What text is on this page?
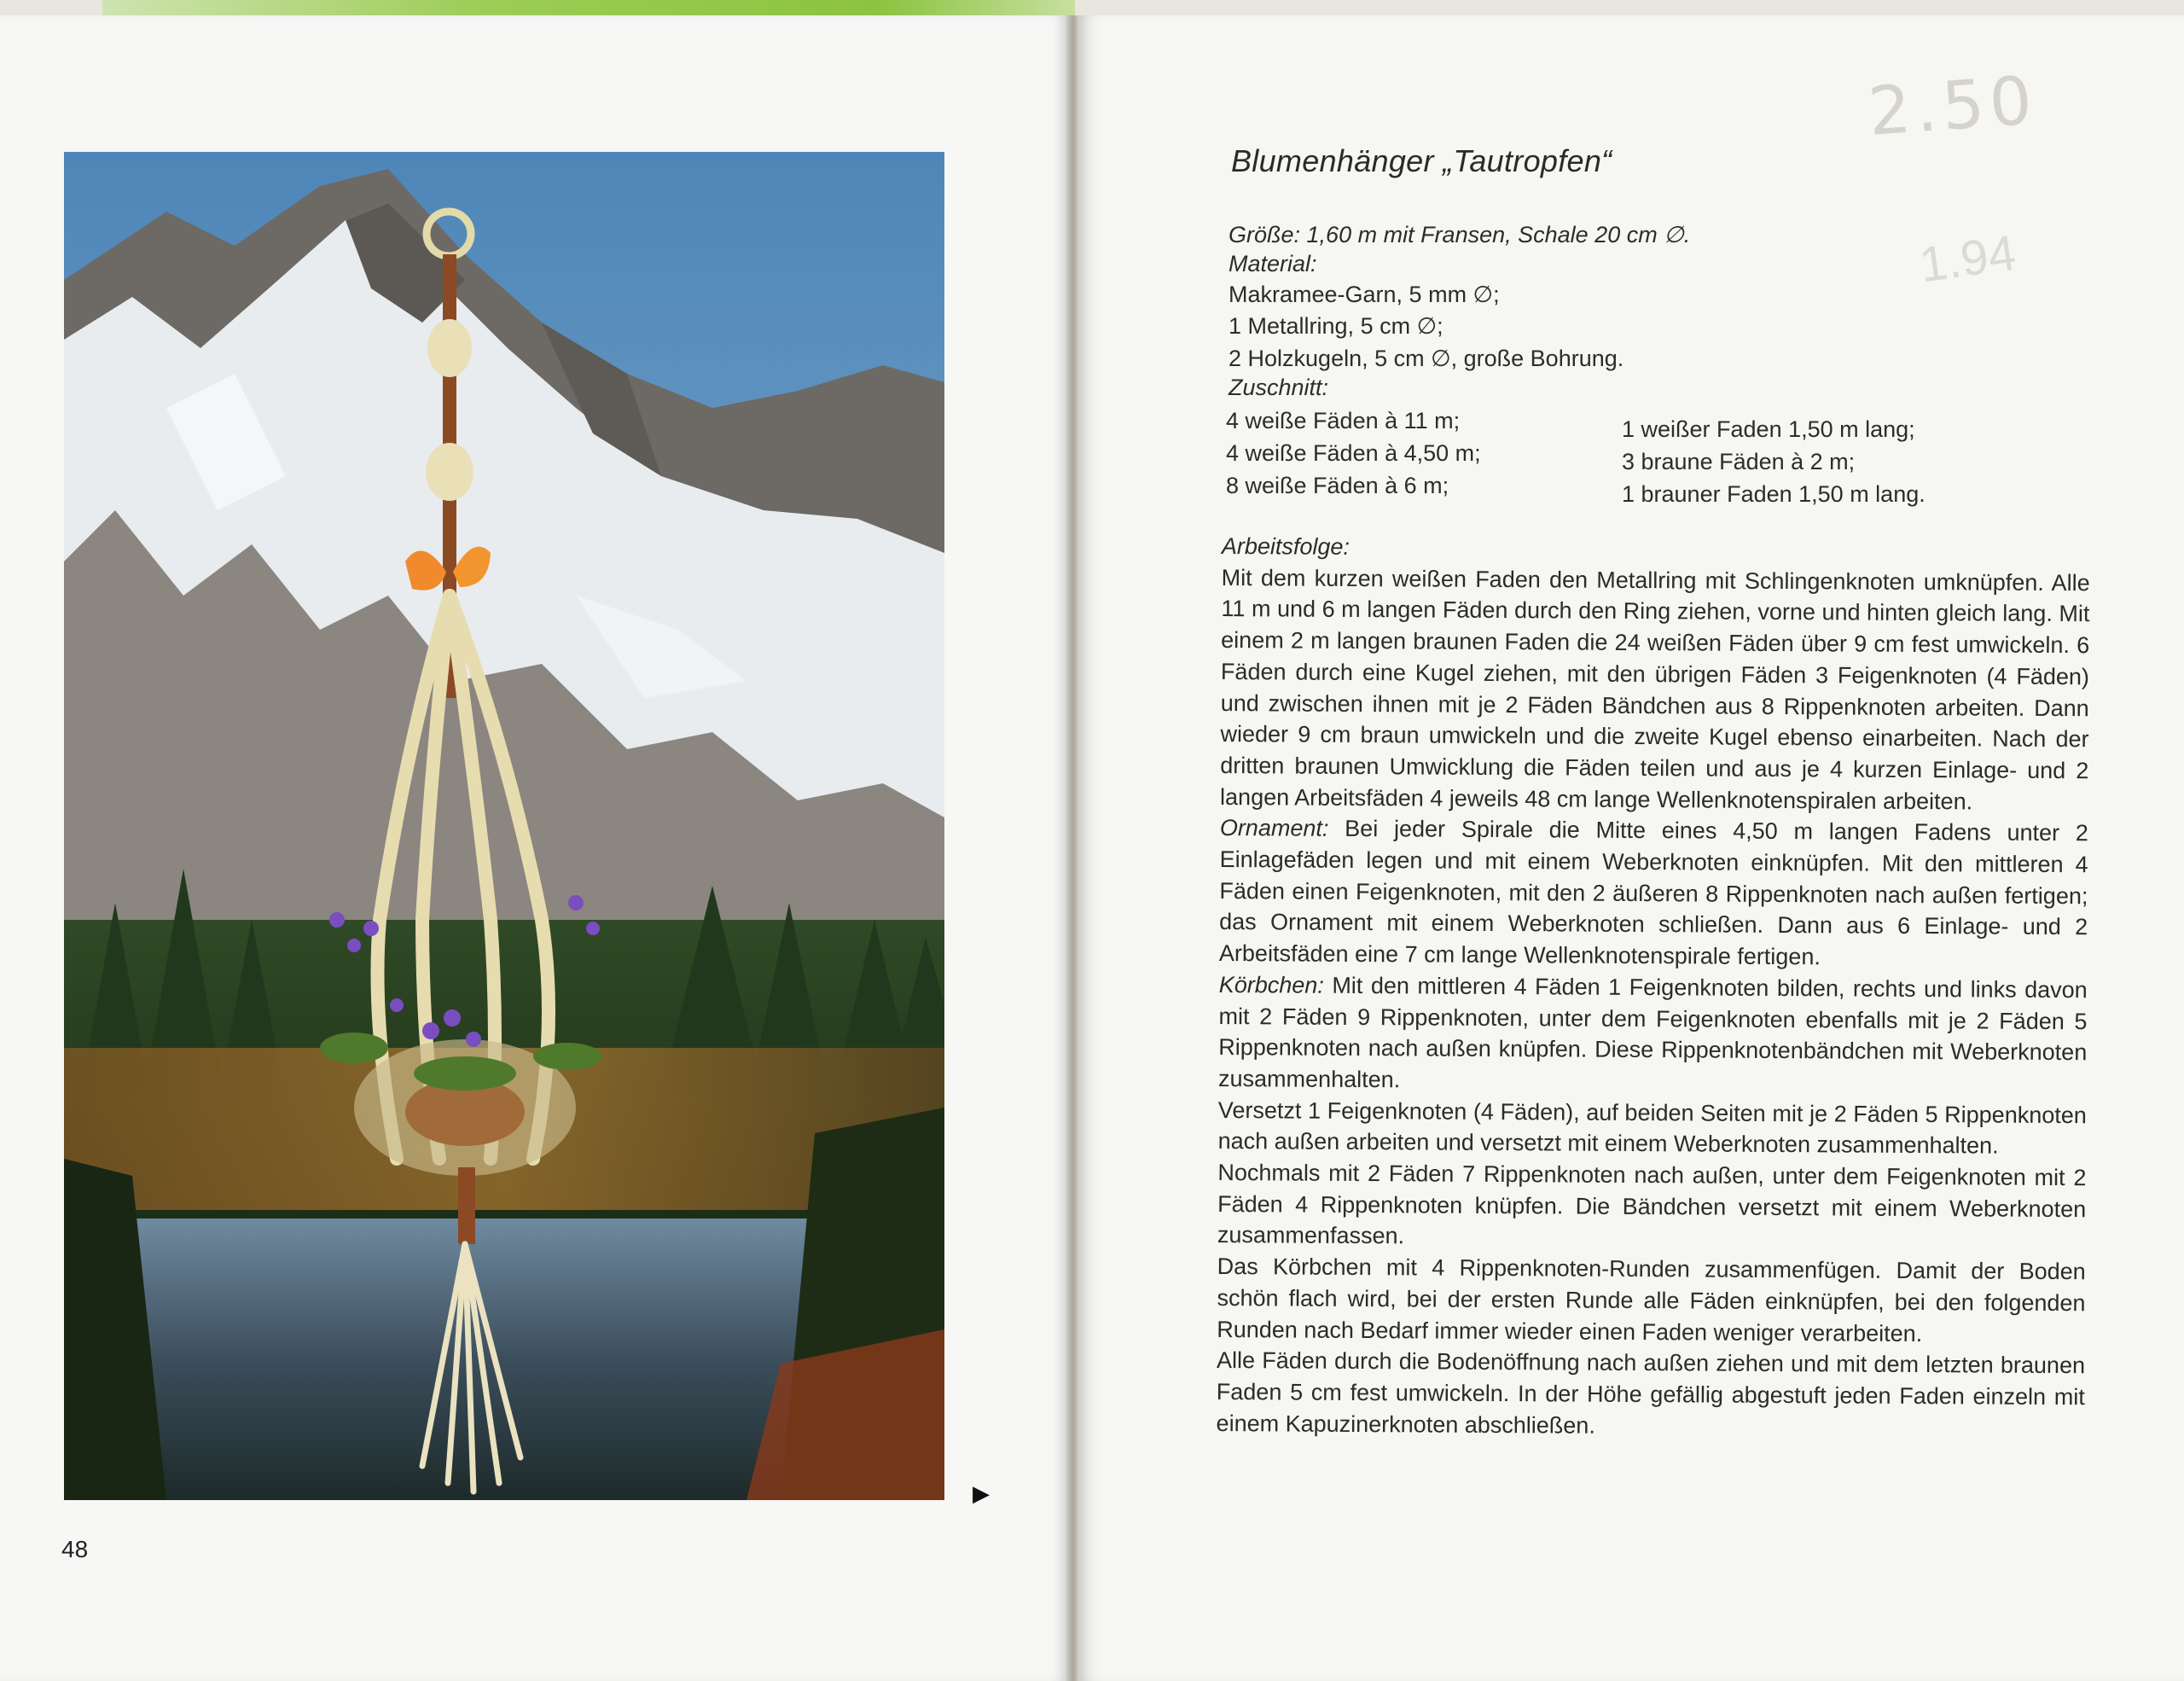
48
▶
2.50
1.94
Blumenhänger „Tautropfen“
Größe: 1,60 m mit Fransen, Schale 20 cm ∅.
Material:
Makramee-Garn, 5 mm ∅;
1 Metallring, 5 cm ∅;
2 Holzkugeln, 5 cm ∅, große Bohrung.
Zuschnitt:
4 weiße Fäden à 11 m;
4 weiße Fäden à 4,50 m;
8 weiße Fäden à 6 m;
1 weißer Faden 1,50 m lang;
3 braune Fäden à 2 m;
1 brauner Faden 1,50 m lang.

Arbeitsfolge:

Mit dem kurzen weißen Faden den Metallring mit Schlingenknoten umknüpfen. Alle 11 m und 6 m langen Fäden durch den Ring ziehen, vorne und hinten gleich lang. Mit einem 2 m langen braunen Faden die 24 weißen Fäden über 9 cm fest umwickeln. 6 Fäden durch eine Kugel ziehen, mit den übrigen Fäden 3 Feigenknoten (4 Fäden) und zwischen ihnen mit je 2 Fäden Bändchen aus 8 Rippenknoten arbeiten. Dann wieder 9 cm braun umwickeln und die zweite Kugel ebenso einarbeiten. Nach der dritten braunen Umwicklung die Fäden teilen und aus je 4 kurzen Einlage- und 2 langen Arbeitsfäden 4 jeweils 48 cm lange Wellenknotenspiralen arbeiten.

Ornament: Bei jeder Spirale die Mitte eines 4,50 m langen Fadens unter 2 Einlagefäden legen und mit einem Weberknoten einknüpfen. Mit den mittleren 4 Fäden einen Feigenknoten, mit den 2 äußeren 8 Rippenknoten nach außen fertigen; das Ornament mit einem Weberknoten schließen. Dann aus 6 Einlage- und 2 Arbeitsfäden eine 7 cm lange Wellenknotenspirale fertigen.

Körbchen: Mit den mittleren 4 Fäden 1 Feigenknoten bilden, rechts und links davon mit 2 Fäden 9 Rippenknoten, unter dem Feigenknoten ebenfalls mit je 2 Fäden 5 Rippenknoten nach außen knüpfen. Diese Rippenknotenbändchen mit Weberknoten zusammenhalten.

Versetzt 1 Feigenknoten (4 Fäden), auf beiden Seiten mit je 2 Fäden 5 Rippenknoten nach außen arbeiten und versetzt mit einem Weberknoten zusammenhalten.

Nochmals mit 2 Fäden 7 Rippenknoten nach außen, unter dem Feigenknoten mit 2 Fäden 4 Rippenknoten knüpfen. Die Bändchen versetzt mit einem Weberknoten zusammenfassen.

Das Körbchen mit 4 Rippenknoten-Runden zusammenfügen. Damit der Boden schön flach wird, bei der ersten Runde alle Fäden einknüpfen, bei den folgenden Runden nach Bedarf immer wieder einen Faden weniger verarbeiten.

Alle Fäden durch die Bodenöffnung nach außen ziehen und mit dem letzten braunen Faden 5 cm fest umwickeln. In der Höhe gefällig abgestuft jeden Faden einzeln mit einem Kapuzinerknoten abschließen.
